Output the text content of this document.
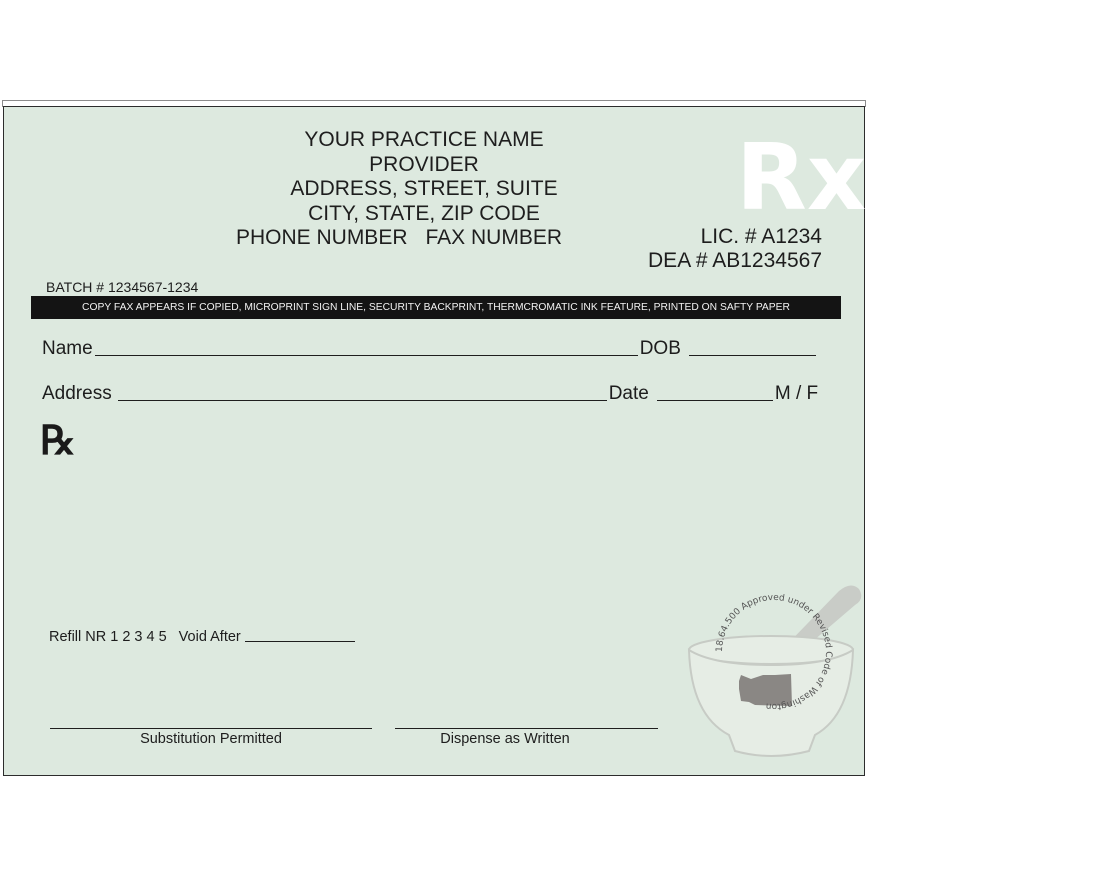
YOUR PRACTICE NAME
PROVIDER
ADDRESS, STREET, SUITE
CITY, STATE, ZIP CODE
PHONE NUMBER FAX NUMBER
Rx
LIC. # A1234
DEA # AB1234567
BATCH # 1234567-1234
COPY FAX APPEARS IF COPIED, MICROPRINT SIGN LINE, SECURITY BACKPRINT, THERMCROMATIC INK FEATURE, PRINTED ON SAFTY PAPER
Name	DOB
Address	Date	M / F
℞
Refill NR 1 2 3 4 5 Void After
Substitution Permitted	Dispense as Written
18.64.500 Approved under Revised Code of Washington
